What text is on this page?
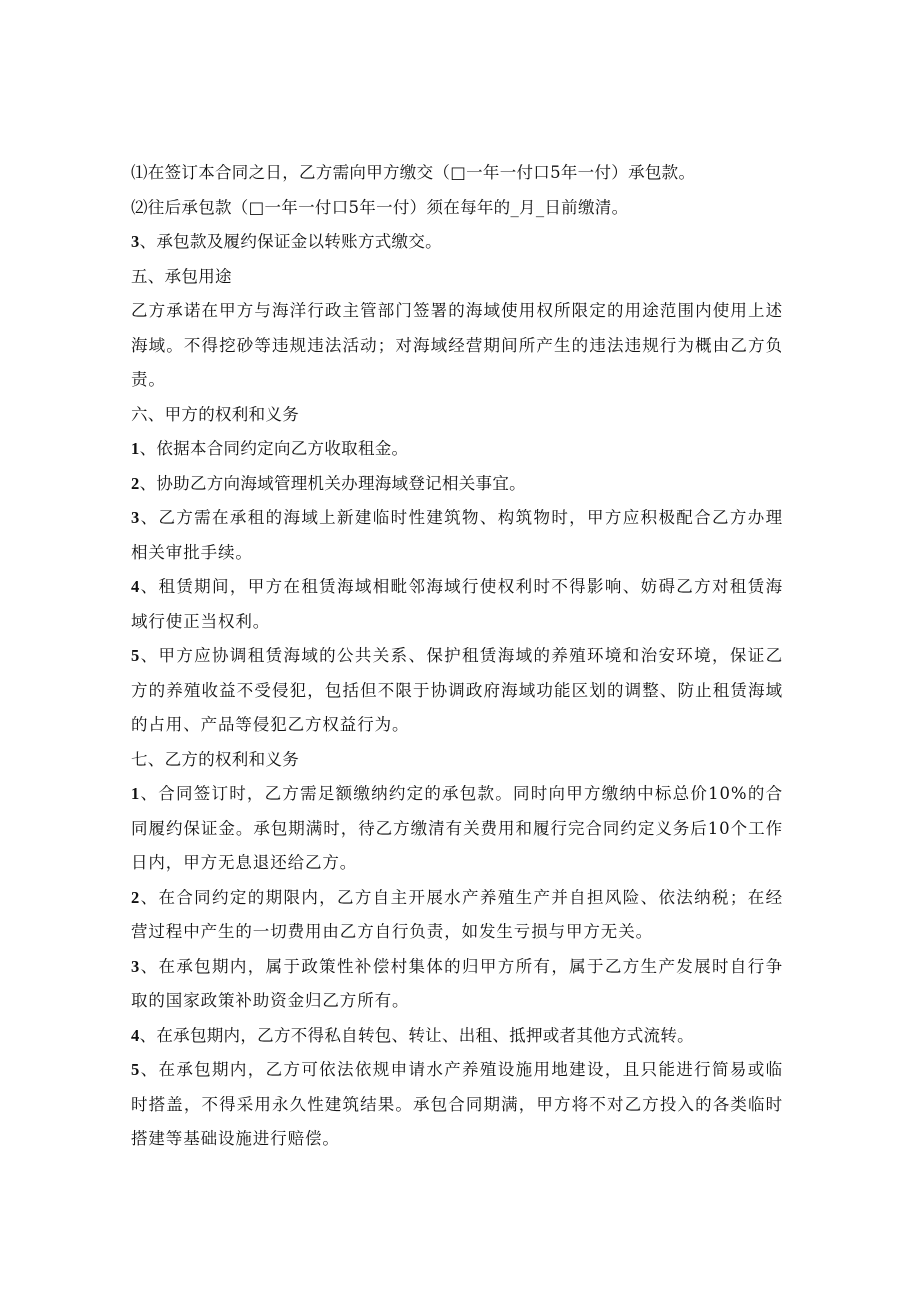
⑴在签订本合同之日，乙方需向甲方缴交（□一年一付口5年一付）承包款。

⑵往后承包款（□一年一付口5年一付）须在每年的_月_日前缴清。

3、承包款及履约保证金以转账方式缴交。

五、承包用途

乙方承诺在甲方与海洋行政主管部门签署的海域使用权所限定的用途范围内使用上述海域。不得挖砂等违规违法活动；对海域经营期间所产生的违法违规行为概由乙方负责。

六、甲方的权利和义务

1、依据本合同约定向乙方收取租金。

2、协助乙方向海域管理机关办理海域登记相关事宜。

3、乙方需在承租的海域上新建临时性建筑物、构筑物时，甲方应积极配合乙方办理相关审批手续。

4、租赁期间，甲方在租赁海域相毗邻海域行使权利时不得影响、妨碍乙方对租赁海域行使正当权利。

5、甲方应协调租赁海域的公共关系、保护租赁海域的养殖环境和治安环境，保证乙方的养殖收益不受侵犯，包括但不限于协调政府海域功能区划的调整、防止租赁海域的占用、产品等侵犯乙方权益行为。

七、乙方的权利和义务

1、合同签订时，乙方需足额缴纳约定的承包款。同时向甲方缴纳中标总价10%的合同履约保证金。承包期满时，待乙方缴清有关费用和履行完合同约定义务后10个工作日内，甲方无息退还给乙方。

2、在合同约定的期限内，乙方自主开展水产养殖生产并自担风险、依法纳税；在经营过程中产生的一切费用由乙方自行负责，如发生亏损与甲方无关。

3、在承包期内，属于政策性补偿村集体的归甲方所有，属于乙方生产发展时自行争取的国家政策补助资金归乙方所有。

4、在承包期内，乙方不得私自转包、转让、出租、抵押或者其他方式流转。

5、在承包期内，乙方可依法依规申请水产养殖设施用地建设，且只能进行简易或临时搭盖，不得采用永久性建筑结果。承包合同期满，甲方将不对乙方投入的各类临时搭建等基础设施进行赔偿。
